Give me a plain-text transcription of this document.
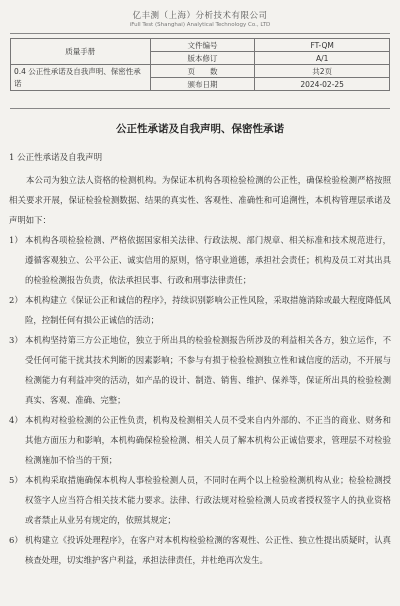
亿丰测（上海）分析技术有限公司
iFull Test (Shanghai) Analytical Technology Co., LTD
质量手册	文件编号	FT-QM
	版本修订	A/1
0.4 公正性承诺及自我声明、保密性承诺	页　　数	共2页
	颁布日期	2024-02-25
公正性承诺及自我声明、保密性承诺
1 公正性承诺及自我声明

本公司为独立法人资格的检测机构。为保证本机构各项检验检测的公正性，确保检验检测严格按照相关要求开展，保证检验检测数据、结果的真实性、客观性、准确性和可追溯性，本机构管理层承诺及声明如下：

1） 本机构各项检验检测、严格依据国家相关法律、行政法规、部门规章、相关标准和技术规范进行，遵循客观独立、公平公正、诚实信用的原则，恪守职业道德，承担社会责任；机构及员工对其出具的检验检测报告负责，依法承担民事、行政和刑事法律责任；
2） 本机构建立《保证公正和诚信的程序》，持续识别影响公正性风险，采取措施消除或最大程度降低风险，控制任何有损公正诚信的活动；
3） 本机构坚持第三方公正地位，独立于所出具的检验检测报告所涉及的利益相关各方，独立运作，不受任何可能干扰其技术判断的因素影响；不参与有损于检验检测独立性和诚信度的活动，不开展与检测能力有利益冲突的活动，如产品的设计、制造、销售、维护、保养等，保证所出具的检验检测真实、客观、准确、完整；
4） 本机构对检验检测的公正性负责，机构及检测相关人员不受来自内外部的、不正当的商业、财务和其他方面压力和影响，本机构确保检验检测、相关人员了解本机构公正诚信要求，管理层不对检验检测施加不恰当的干预；
5） 本机构采取措施确保本机构人事检验检测人员，不同时在两个以上检验检测机构从业；检验检测授权签字人应当符合相关技术能力要求。法律、行政法规对检验检测人员或者授权签字人的执业资格或者禁止从业另有规定的，依照其规定；
6） 机构建立《投诉处理程序》，在客户对本机构检验检测的客观性、公正性、独立性提出质疑时，认真核查处理，切实维护客户利益，承担法律责任，并杜绝再次发生。
